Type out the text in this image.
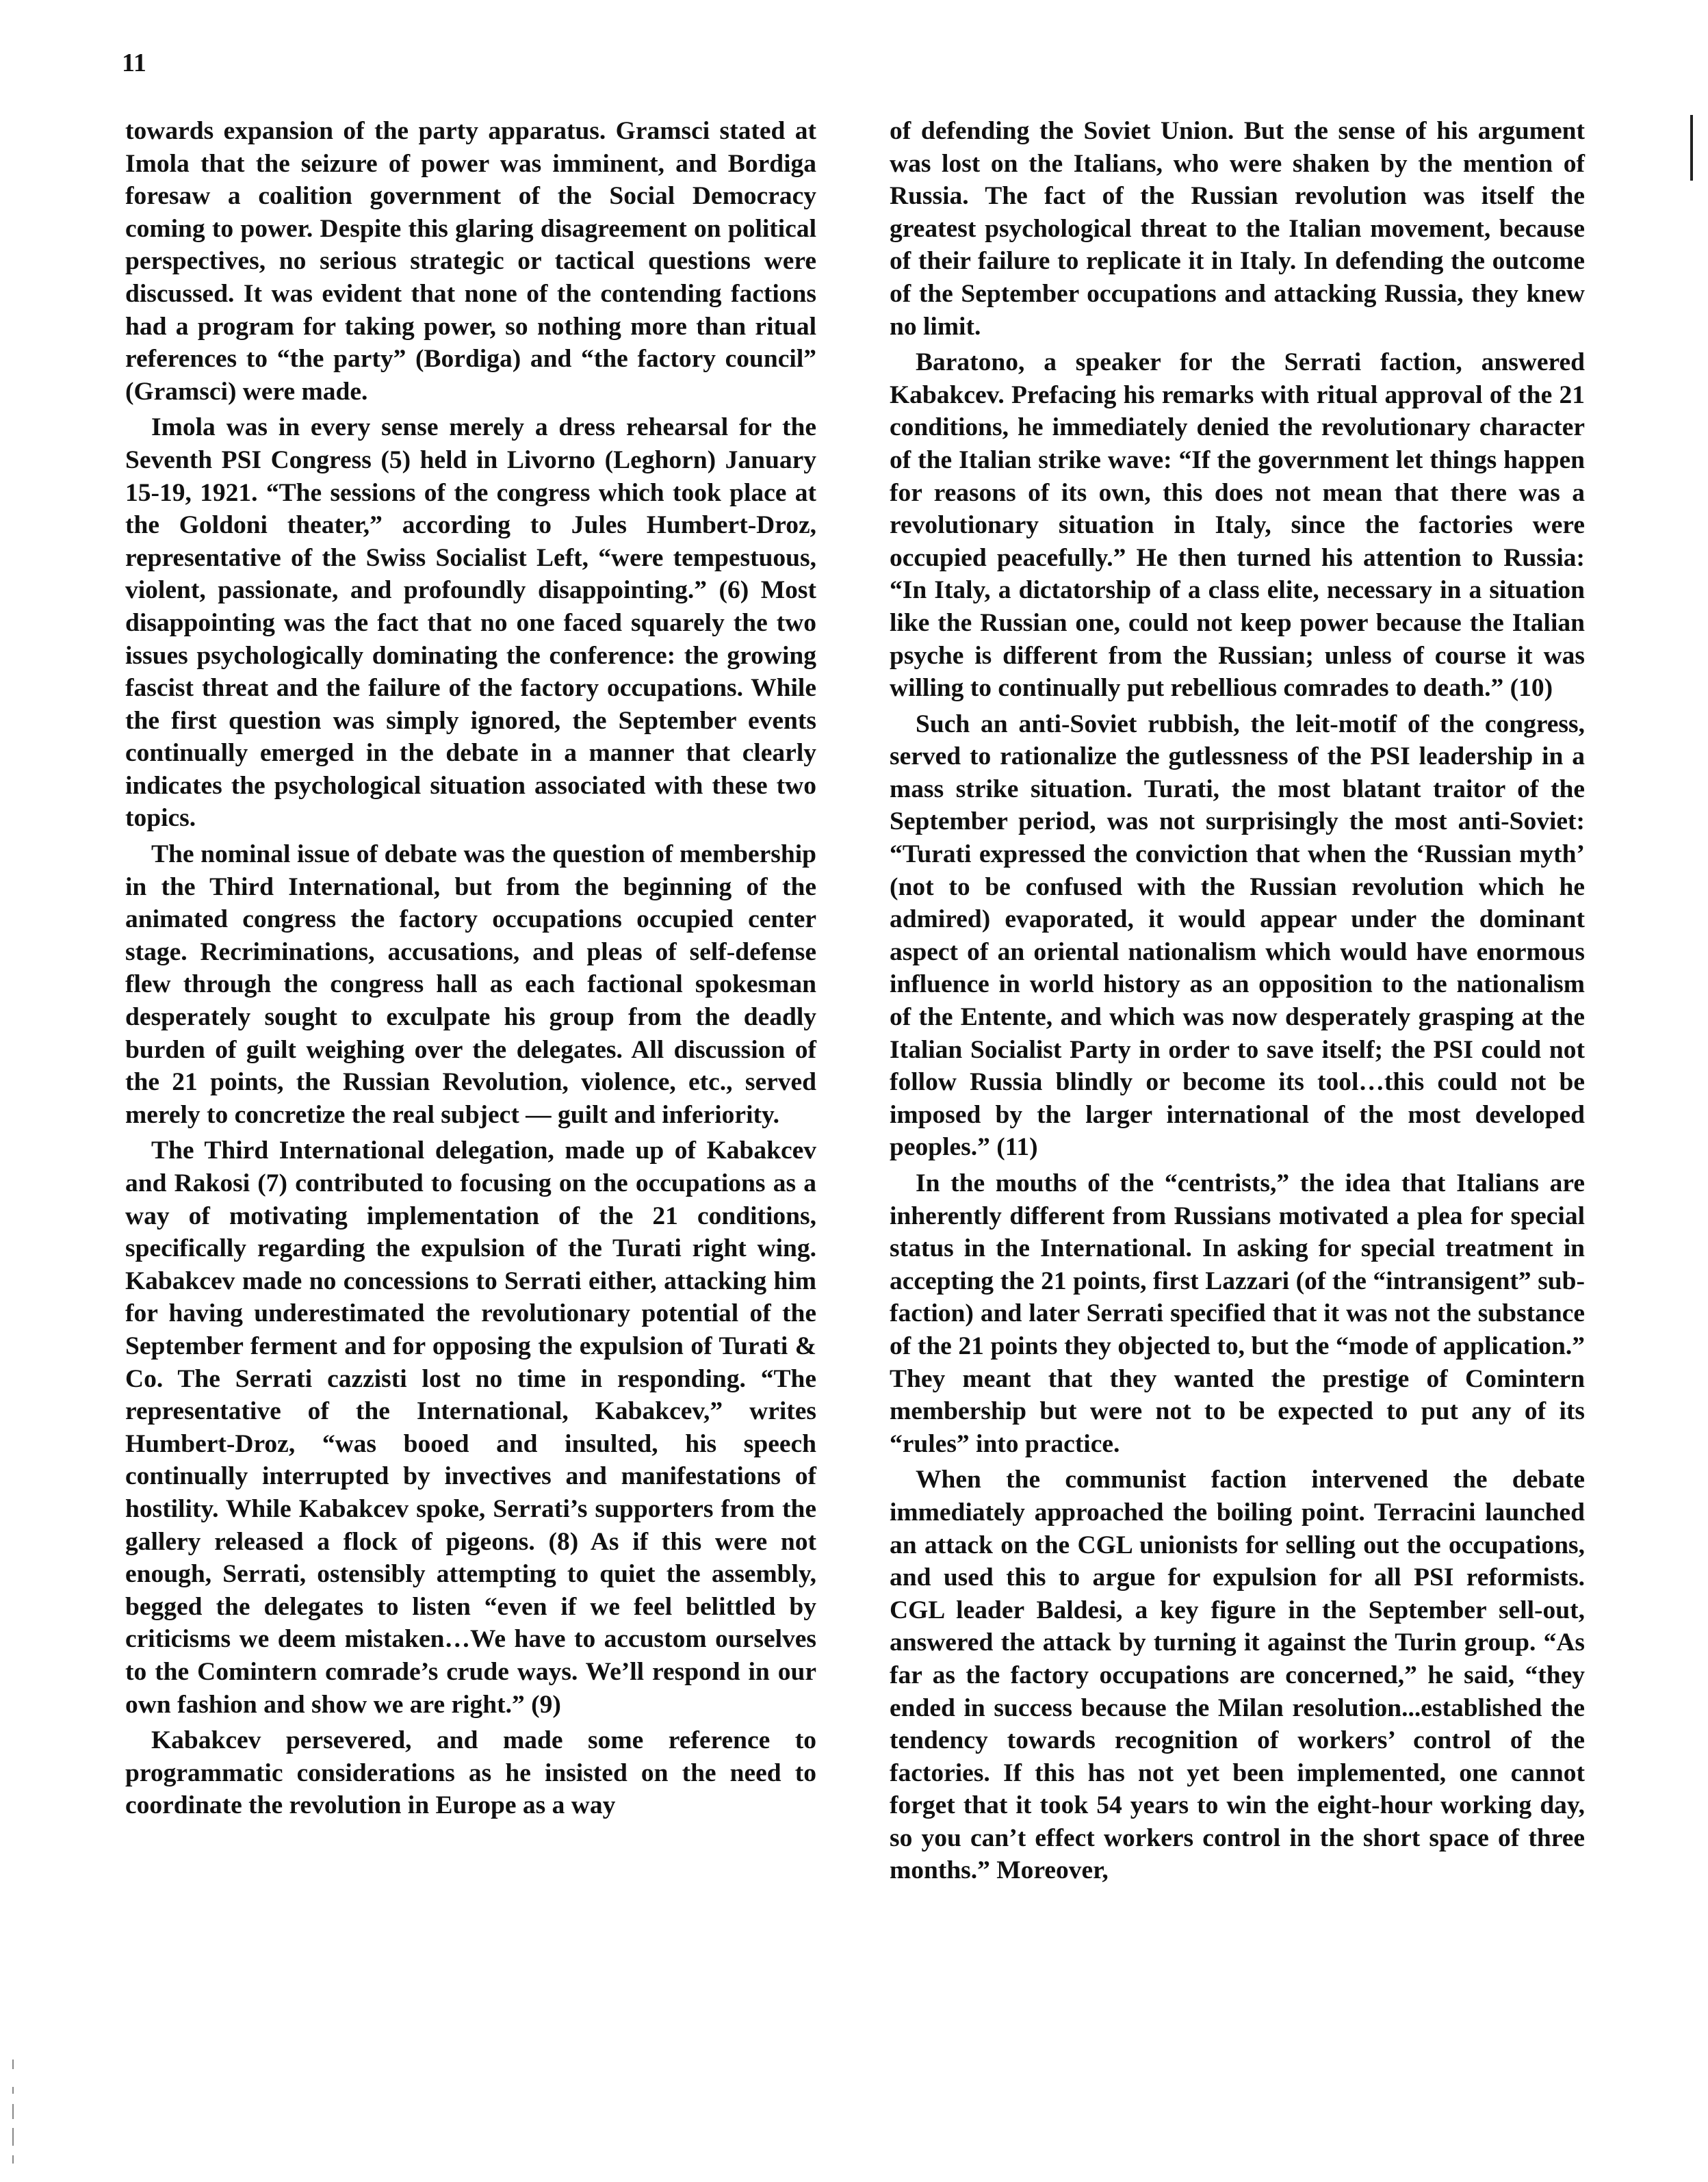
11

towards expansion of the party apparatus. Gramsci stated at Imola that the seizure of power was imminent, and Bordiga foresaw a coalition government of the Social Democracy coming to power. Despite this glaring disagreement on political perspectives, no serious strategic or tactical questions were discussed. It was evident that none of the contending factions had a program for taking power, so nothing more than ritual references to “the party” (Bordiga) and “the factory council” (Gramsci) were made.

Imola was in every sense merely a dress rehearsal for the Seventh PSI Congress (5) held in Livorno (Leghorn) January 15-19, 1921. “The sessions of the congress which took place at the Goldoni theater,” according to Jules Humbert-Droz, representative of the Swiss Socialist Left, “were tempestuous, violent, passionate, and profoundly disappointing.” (6) Most disappointing was the fact that no one faced squarely the two issues psychologically dominating the conference: the growing fascist threat and the failure of the factory occupations. While the first question was simply ignored, the September events continually emerged in the debate in a manner that clearly indicates the psychological situation associated with these two topics.

The nominal issue of debate was the question of membership in the Third International, but from the beginning of the animated congress the factory occupations occupied center stage. Recriminations, accusations, and pleas of self-defense flew through the congress hall as each factional spokesman desperately sought to exculpate his group from the deadly burden of guilt weighing over the delegates. All discussion of the 21 points, the Russian Revolution, violence, etc., served merely to concretize the real subject — guilt and inferiority.

The Third International delegation, made up of Kabakcev and Rakosi (7) contributed to focusing on the occupations as a way of motivating implementation of the 21 conditions, specifically regarding the expulsion of the Turati right wing. Kabakcev made no concessions to Serrati either, attacking him for having underestimated the revolutionary potential of the September ferment and for opposing the expulsion of Turati & Co. The Serrati cazzisti lost no time in responding. “The representative of the International, Kabakcev,” writes Humbert-Droz, “was booed and insulted, his speech continually interrupted by invectives and manifestations of hostility. While Kabakcev spoke, Serrati’s supporters from the gallery released a flock of pigeons. (8) As if this were not enough, Serrati, ostensibly attempting to quiet the assembly, begged the delegates to listen “even if we feel belittled by criticisms we deem mistaken…We have to accustom ourselves to the Comintern comrade’s crude ways. We’ll respond in our own fashion and show we are right.” (9)

Kabakcev persevered, and made some reference to programmatic considerations as he insisted on the need to coordinate the revolution in Europe as a way

of defending the Soviet Union. But the sense of his argument was lost on the Italians, who were shaken by the mention of Russia. The fact of the Russian revolution was itself the greatest psychological threat to the Italian movement, because of their failure to replicate it in Italy. In defending the outcome of the September occupations and attacking Russia, they knew no limit.

Baratono, a speaker for the Serrati faction, answered Kabakcev. Prefacing his remarks with ritual approval of the 21 conditions, he immediately denied the revolutionary character of the Italian strike wave: “If the government let things happen for reasons of its own, this does not mean that there was a revolutionary situation in Italy, since the factories were occupied peacefully.” He then turned his attention to Russia: “In Italy, a dictatorship of a class elite, necessary in a situation like the Russian one, could not keep power because the Italian psyche is different from the Russian; unless of course it was willing to continually put rebellious comrades to death.” (10)

Such an anti-Soviet rubbish, the leit-motif of the congress, served to rationalize the gutlessness of the PSI leadership in a mass strike situation. Turati, the most blatant traitor of the September period, was not surprisingly the most anti-Soviet: “Turati expressed the conviction that when the ‘Russian myth’ (not to be confused with the Russian revolution which he admired) evaporated, it would appear under the dominant aspect of an oriental nationalism which would have enormous influence in world history as an opposition to the nationalism of the Entente, and which was now desperately grasping at the Italian Socialist Party in order to save itself; the PSI could not follow Russia blindly or become its tool…this could not be imposed by the larger international of the most developed peoples.” (11)

In the mouths of the “centrists,” the idea that Italians are inherently different from Russians motivated a plea for special status in the International. In asking for special treatment in accepting the 21 points, first Lazzari (of the “intransigent” sub-faction) and later Serrati specified that it was not the substance of the 21 points they objected to, but the “mode of application.” They meant that they wanted the prestige of Comintern membership but were not to be expected to put any of its “rules” into practice.

When the communist faction intervened the debate immediately approached the boiling point. Terracini launched an attack on the CGL unionists for selling out the occupations, and used this to argue for expulsion for all PSI reformists. CGL leader Baldesi, a key figure in the September sell-out, answered the attack by turning it against the Turin group. “As far as the factory occupations are concerned,” he said, “they ended in success because the Milan resolution...established the tendency towards recognition of workers’ control of the factories. If this has not yet been implemented, one cannot forget that it took 54 years to win the eight-hour working day, so you can’t effect workers control in the short space of three months.” Moreover,
